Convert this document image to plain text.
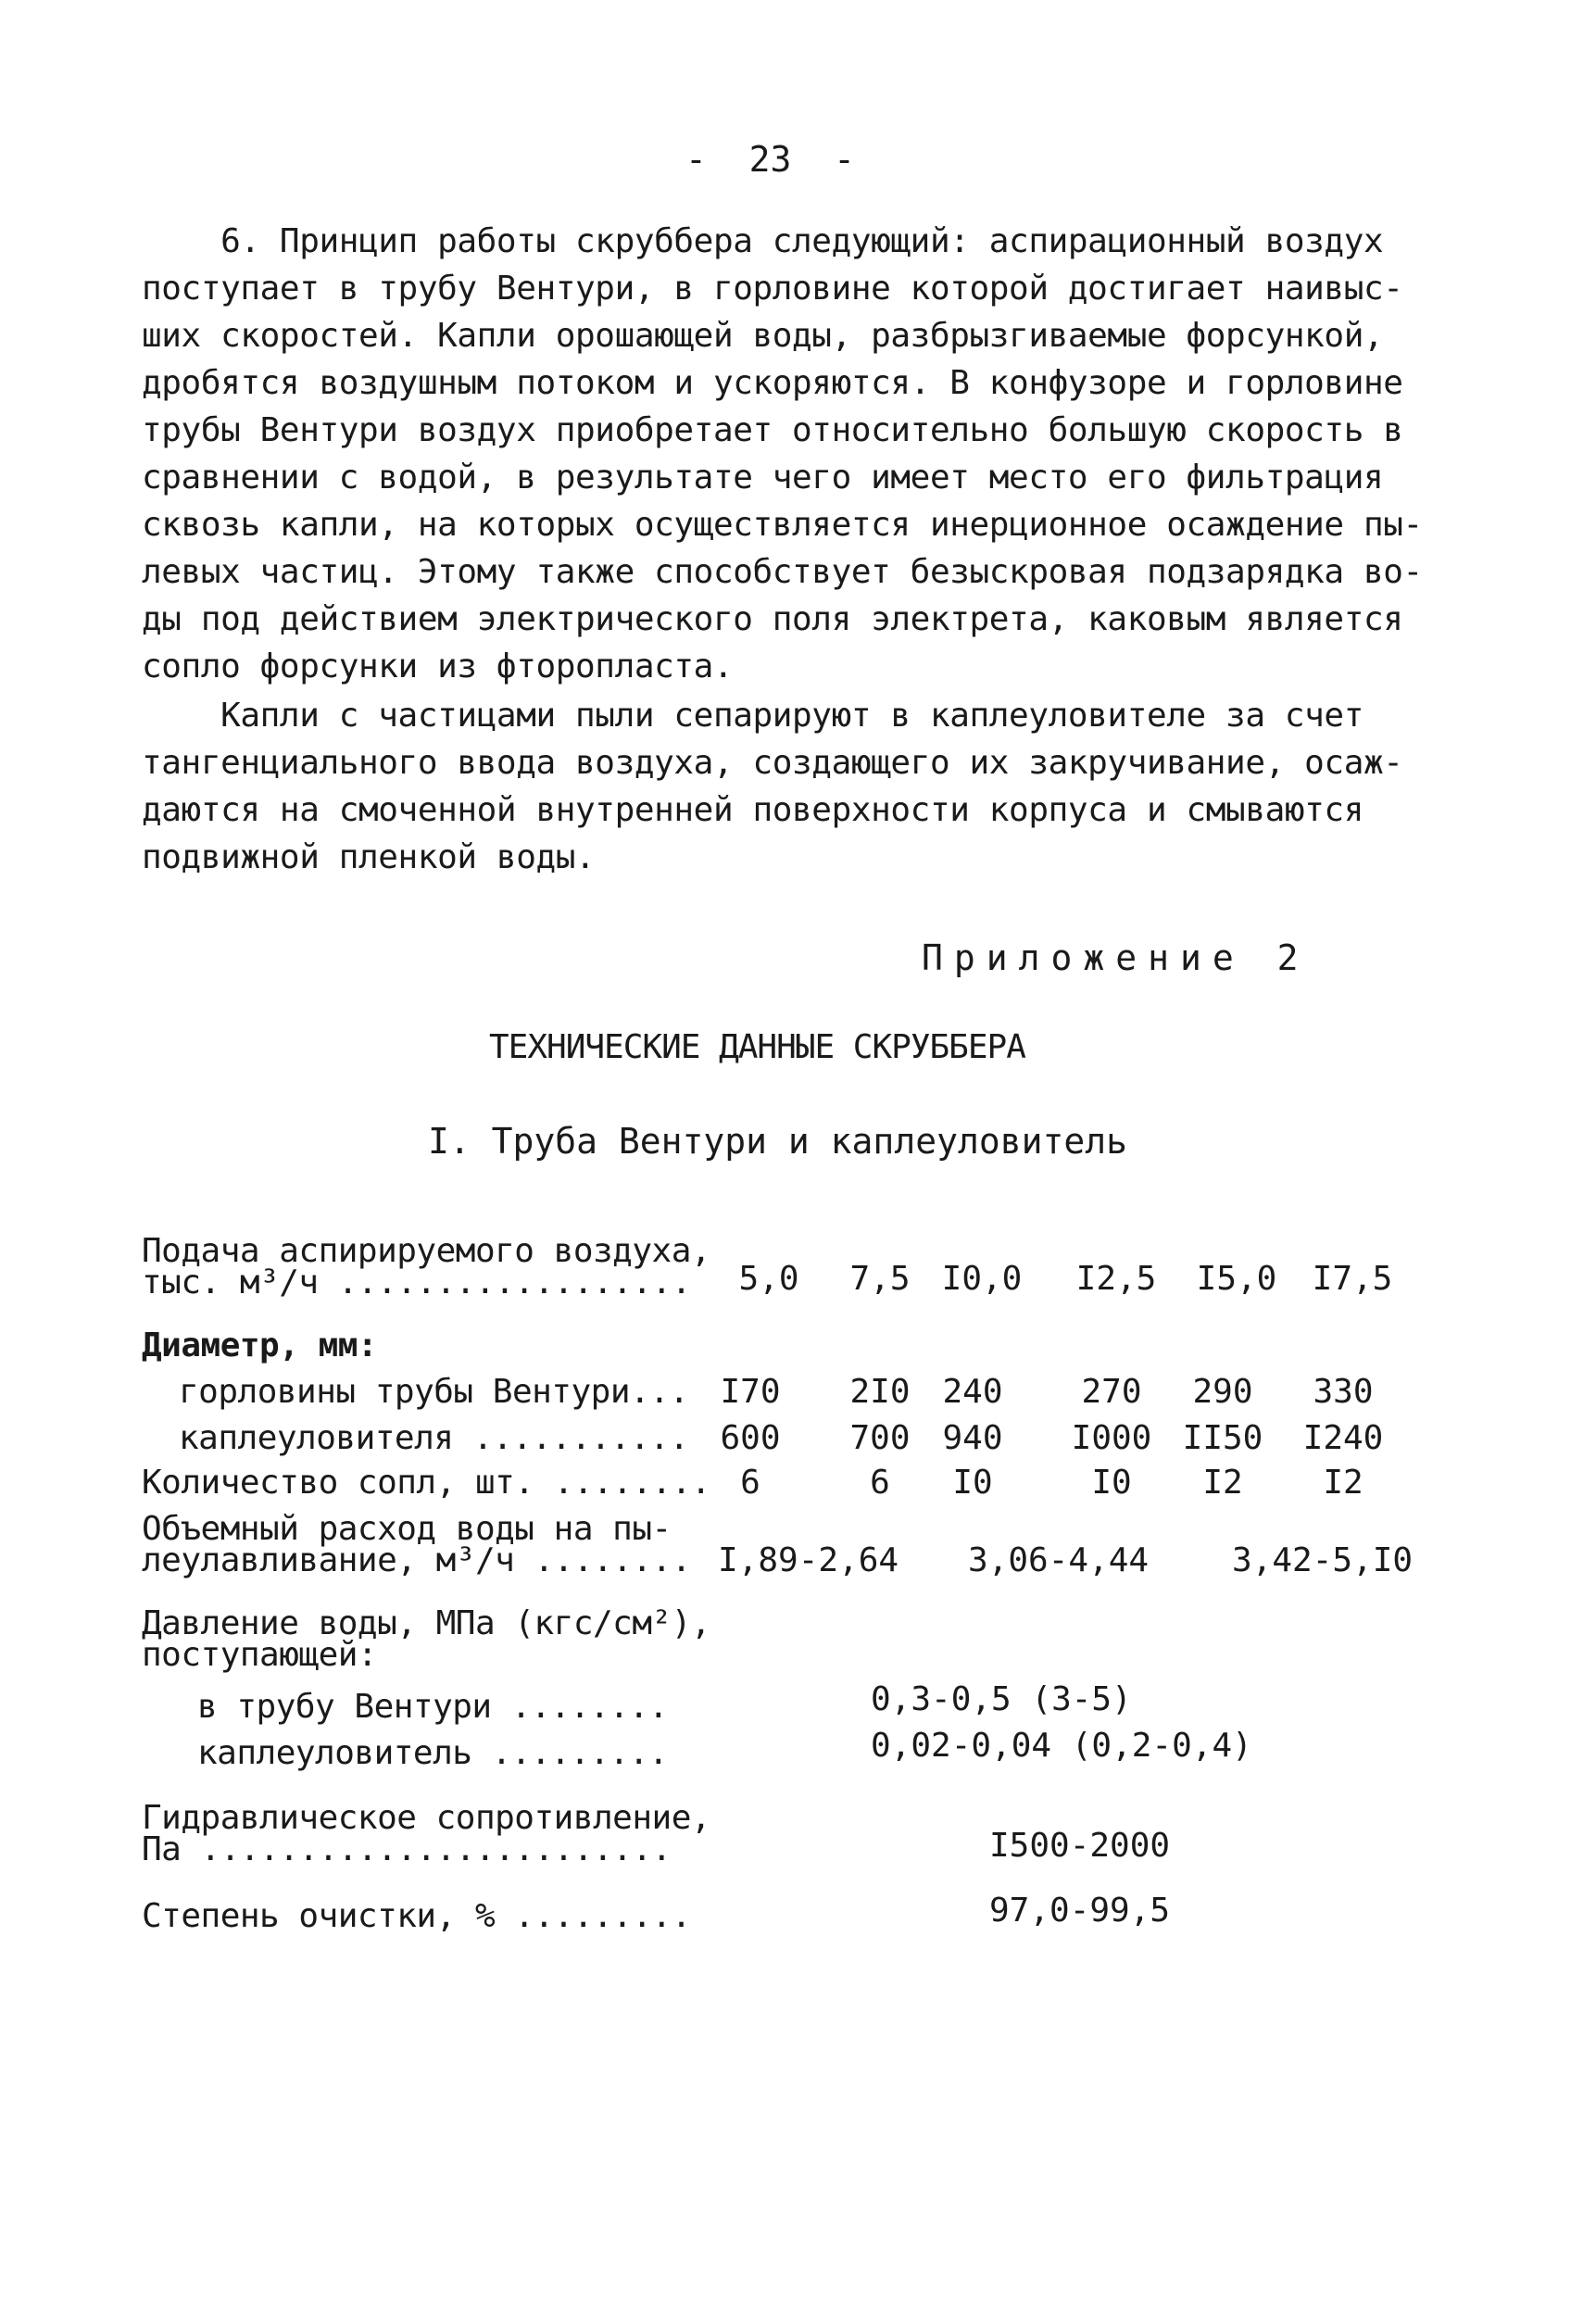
-  23  -
6. Принцип работы скруббера следующий: аспирационный воздух
поступает в трубу Вентури, в горловине которой достигает наивыс-
ших скоростей. Капли орошающей воды, разбрызгиваемые форсункой,
дробятся воздушным потоком и ускоряются. В конфузоре и горловине
трубы Вентури воздух приобретает относительно большую скорость в
сравнении с водой, в результате чего имеет место его фильтрация
сквозь капли, на которых осуществляется инерционное осаждение пы-
левых частиц. Этому также способствует безыскровая подзарядка во-
ды под действием электрического поля электрета, каковым является
сопло форсунки из фторопласта.
Капли с частицами пыли сепарируют в каплеуловителе за счет
тангенциального ввода воздуха, создающего их закручивание, осаж-
даются на смоченной внутренней поверхности корпуса и смываются
подвижной пленкой воды.
Приложение 2
ТЕХНИЧЕСКИЕ ДАННЫЕ СКРУББЕРА
I. Труба Вентури и каплеуловитель
Подача аспирируемого воздуха,
тыс. м³/ч ..................	5,0	7,5 I0,0	I2,5	I5,0	I7,5
Диаметр, мм:
горловины трубы Вентури... I70	2I0 240	270	290	330
каплеуловителя ........... 600	700 940	I000 II50	I240
Количество сопл, шт. ........ 6	6	I0	I0	I2	I2
Объемный расход воды на пы-
леулавливание, м³/ч ........ I,89-2,64	3,06-4,44	3,42-5,I0
Давление воды, МПа (кгс/см²),
поступающей:
в трубу Вентури ........	0,3-0,5 (3-5)
каплеуловитель .........	0,02-0,04 (0,2-0,4)
Гидравлическое сопротивление,
Па ........................	I500-2000
Степень очистки, % .........	97,0-99,5
